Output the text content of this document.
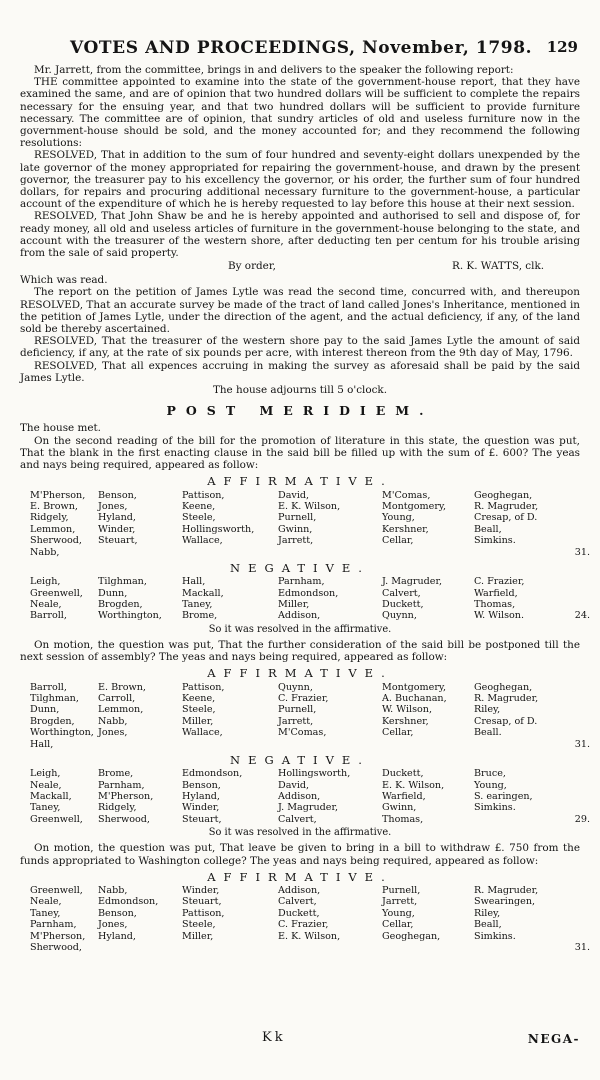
VOTES AND PROCEEDINGS, November, 1798. 129

Mr. Jarrett, from the committee, brings in and delivers to the speaker the following report:

THE committee appointed to examine into the state of the government-house report, that they have examined the same, and are of opinion that two hundred dollars will be sufficient to complete the repairs necessary for the ensuing year, and that two hundred dollars will be sufficient to provide furniture necessary. The committee are of opinion, that sundry articles of old and useless furniture now in the government-house should be sold, and the money accounted for; and they recommend the following resolutions:

RESOLVED, That in addition to the sum of four hundred and seventy-eight dollars unexpended by the late governor of the money appropriated for repairing the government-house, and drawn by the present governor, the treasurer pay to his excellency the governor, or his order, the further sum of four hundred dollars, for repairs and procuring additional necessary furniture to the government-house, a particular account of the expenditure of which he is hereby requested to lay before this house at their next session.

RESOLVED, That John Shaw be and he is hereby appointed and authorised to sell and dispose of, for ready money, all old and useless articles of furniture in the government-house belonging to the state, and account with the treasurer of the western shore, after deducting ten per centum for his trouble arising from the sale of said property.

By order,	R. K. WATTS, clk.

Which was read.

The report on the petition of James Lytle was read the second time, concurred with, and thereupon RESOLVED, That an accurate survey be made of the tract of land called Jones's Inheritance, mentioned in the petition of James Lytle, under the direction of the agent, and the actual deficiency, if any, of the land sold be thereby ascertained.

RESOLVED, That the treasurer of the western shore pay to the said James Lytle the amount of said deficiency, if any, at the rate of six pounds per acre, with interest thereon from the 9th day of May, 1796.

RESOLVED, That all expences accruing in making the survey as aforesaid shall be paid by the said James Lytle.

The house adjourns till 5 o'clock.

POST MERIDIEM.

The house met.

On the second reading of the bill for the promotion of literature in this state, the question was put, That the blank in the first enacting clause in the said bill be filled up with the sum of £. 600? The yeas and nays being required, appeared as follow:

AFFIRMATIVE.
M'Pherson,	Benson,	Pattison,	David,	M'Comas,	Geoghegan,
E. Brown,	Jones,	Keene,	E. K. Wilson,	Montgomery,	R. Magruder,
Ridgely,	Hyland,	Steele,	Purnell,	Young,	Cresap, of D.
Lemmon,	Winder,	Hollingsworth,	Gwinn,	Kershner,	Beall,
Sherwood,	Steuart,	Wallace,	Jarrett,	Cellar,	Simkins.
Nabb,	31.
NEGATIVE.
Leigh,	Tilghman,	Hall,	Parnham,	J. Magruder,	C. Frazier,
Greenwell,	Dunn,	Mackall,	Edmondson,	Calvert,	Warfield,
Neale,	Brogden,	Taney,	Miller,	Duckett,	Thomas,
Barroll,	Worthington,	Brome,	Addison,	Quynn,	W. Wilson.	24.
So it was resolved in the affirmative.

On motion, the question was put, That the further consideration of the said bill be postponed till the next session of assembly? The yeas and nays being required, appeared as follow:

AFFIRMATIVE.
Barroll,	E. Brown,	Pattison,	Quynn,	Montgomery,	Geoghegan,
Tilghman,	Carroll,	Keene,	C. Frazier,	A. Buchanan,	R. Magruder,
Dunn,	Lemmon,	Steele,	Purnell,	W. Wilson,	Riley,
Brogden,	Nabb,	Miller,	Jarrett,	Kershner,	Cresap, of D.
Worthington, Jones,	Wallace,	M'Comas,	Cellar,	Beall.
Hall,	31.
NEGATIVE.
Leigh,	Brome,	Edmondson,	Hollingsworth,	Duckett,	Bruce,
Neale,	Parnham,	Benson,	David,	E. K. Wilson,	Young,
Mackall,	M'Pherson,	Hyland,	Addison,	Warfield,	S. earingen,
Taney,	Ridgely,	Winder,	J. Magruder,	Gwinn,	Simkins.
Greenwell,	Sherwood,	Steuart,	Calvert,	Thomas,	29.
So it was resolved in the affirmative.

On motion, the question was put, That leave be given to bring in a bill to withdraw £. 750 from the funds appropriated to Washington college? The yeas and nays being required, appeared as follow:

AFFIRMATIVE.
Greenwell,	Nabb,	Winder,	Addison,	Purnell,	R. Magruder,
Neale,	Edmondson,	Steuart,	Calvert,	Jarrett,	Swearingen,
Taney,	Benson,	Pattison,	Duckett,	Young,	Riley,
Parnham,	Jones,	Steele,	C. Frazier,	Cellar,	Beall,
M'Pherson,	Hyland,	Miller,	E. K. Wilson,	Geoghegan,	Simkins.
Sherwood,	31.
Kk	NEGA-
